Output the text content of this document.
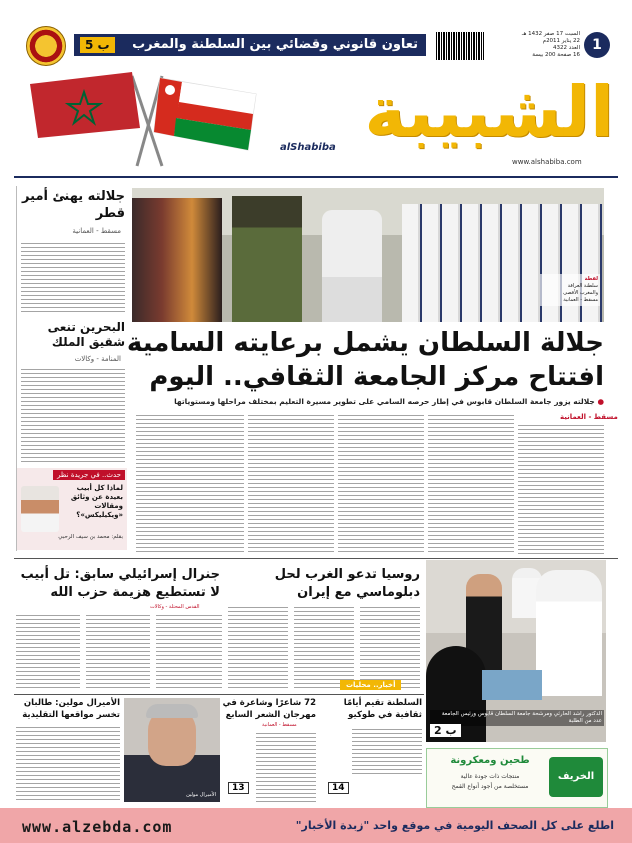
ب 5	تعاون قانوني وقضائي بين السلطنة والمغرب
السبت 17 صفر 1432 هـ
22 يناير 2011م
العدد 4322
16 صفحة 200 بيسة
1
الشبيبة
alShabiba
www.alshabiba.com
جلالته يهنئ أمير قطر
مسقط - العمانية
البحرين تنعى شقيق الملك
المنامة - وكالات
حدث.. في جريدة نظر
لماذا كل أبيب بعيدة عن وثائق ومقالات «ويكيليكس»؟
بقلم: محمد بن سيف الرحبي
لقطة
سلطنة العراقة
والمغرب الأقصى
مسقط - العمانية
جلالة السلطان يشمل برعايته السامية
افتتاح مركز الجامعة الثقافي.. اليوم
● جلالته يزور جامعة السلطان قابوس في إطار حرصه السامي على تطوير مسيرة التعليم بمختلف مراحلها ومستوياتها
مسقط - العمانية
جنرال إسرائيلي سابق: تل أبيب
لا تستطيع هزيمة حزب الله
القدس المحتلة - وكالات
روسيا تدعو الغرب لحل
دبلوماسي مع إيران
الدكتور راشد الحارثي ومرشحة جامعة السلطان قابوس ورئيس الجامعة عدد من الطلبة
ب 2
أخبار.. محليات
الأميرال مولين: طالبان
تخسر مواقعها التقليدية
الأميرال مولين
72 شاعرًا وشاعرة في
مهرجان الشعر السابع
مسقط - العمانية
13
السلطنة تقيم أيامًا
ثقافية في طوكيو
14
الخريف
طحين ومعكرونة
منتجات ذات جودة عالية
مستخلصة من أجود أنواع القمح
www.alzebda.com	اطلع على كل الصحف اليومية في موقع واحد "زبدة الأخبار"
